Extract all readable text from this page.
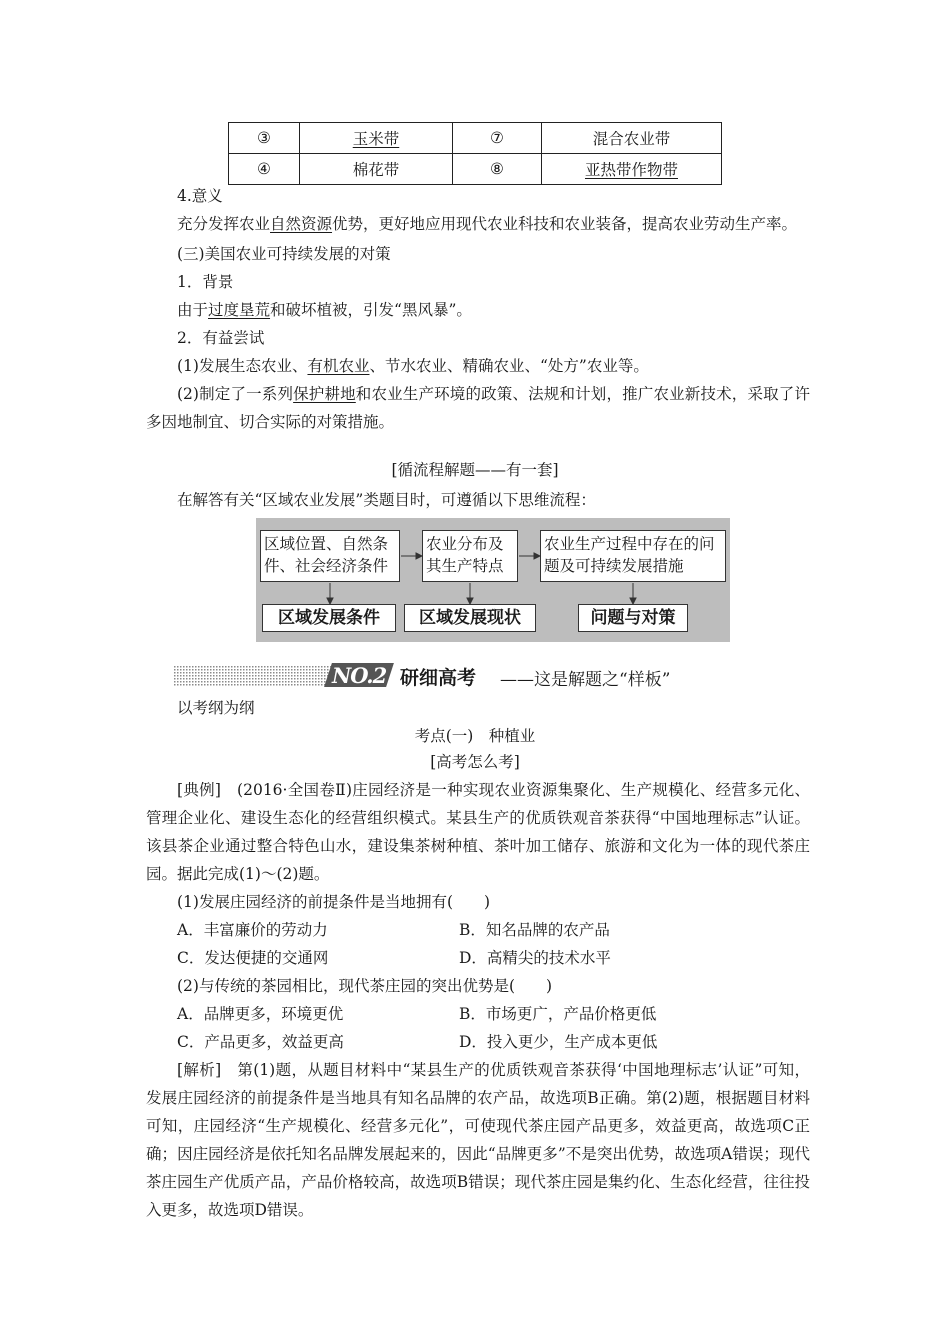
③	玉米带	⑦	混合农业带
④	棉花带	⑧	亚热带作物带

4.意义

充分发挥农业自然资源优势，更好地应用现代农业科技和农业装备，提高农业劳动生产率。

(三)美国农业可持续发展的对策

1．背景

由于过度垦荒和破坏植被，引发“黑风暴”。

2．有益尝试

(1)发展生态农业、有机农业、节水农业、精确农业、“处方”农业等。

(2)制定了一系列保护耕地和农业生产环境的政策、法规和计划，推广农业新技术，采取了许多因地制宜、切合实际的对策措施。

[循流程解题——有一套]
在解答有关“区域农业发展”类题目时，可遵循以下思维流程：
区域位置、自然条件、社会经济条件
农业分布及其生产特点
农业生产过程中存在的问题及可持续发展措施
区域发展条件	区域发展现状	问题与对策
NO.2 研细高考 ——这是解题之“样板”
以考纲为纲
考点(一)　种植业
[高考怎么考]

[典例]　(2016·全国卷Ⅱ)庄园经济是一种实现农业资源集聚化、生产规模化、经营多元化、管理企业化、建设生态化的经营组织模式。某县生产的优质铁观音茶获得“中国地理标志”认证。该县茶企业通过整合特色山水，建设集茶树种植、茶叶加工储存、旅游和文化为一体的现代茶庄园。据此完成(1)～(2)题。

(1)发展庄园经济的前提条件是当地拥有(　　)

A．丰富廉价的劳动力	B．知名品牌的农产品
C．发达便捷的交通网	D．高精尖的技术水平

(2)与传统的茶园相比，现代茶庄园的突出优势是(　　)

A．品牌更多，环境更优	B．市场更广，产品价格更低
C．产品更多，效益更高	D．投入更少，生产成本更低

[解析]　第(1)题，从题目材料中“某县生产的优质铁观音茶获得‘中国地理标志’认证”可知，发展庄园经济的前提条件是当地具有知名品牌的农产品，故选项B正确。第(2)题，根据题目材料可知，庄园经济“生产规模化、经营多元化”，可使现代茶庄园产品更多，效益更高，故选项C正确；因庄园经济是依托知名品牌发展起来的，因此“品牌更多”不是突出优势，故选项A错误；现代茶庄园生产优质产品，产品价格较高，故选项B错误；现代茶庄园是集约化、生态化经营，往往投入更多，故选项D错误。
